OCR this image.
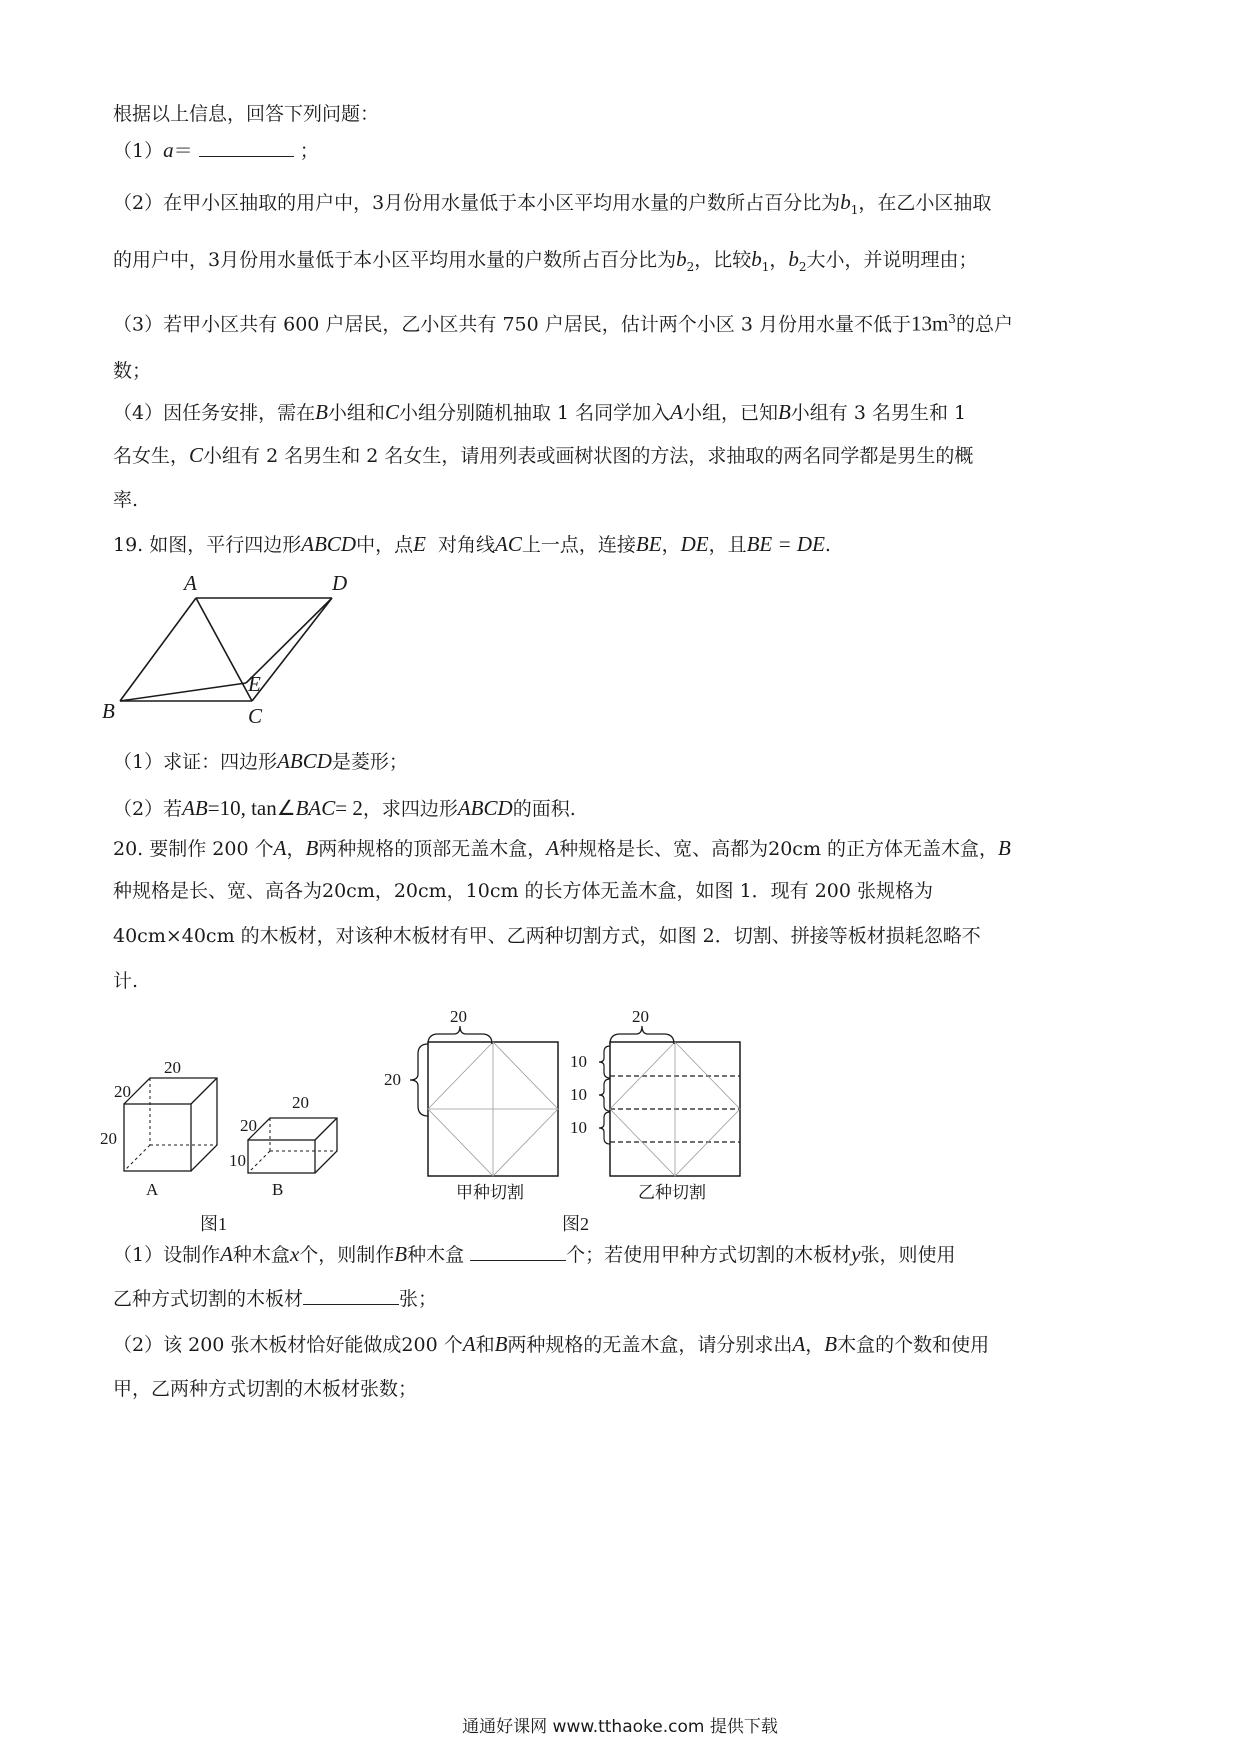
根据以上信息，回答下列问题：
（1）a＝	；
（2）在甲小区抽取的用户中，3月份用水量低于本小区平均用水量的户数所占百分比为$b_1$，在乙小区抽取
的用户中，3月份用水量低于本小区平均用水量的户数所占百分比为$b_2$，比较$b_1$，$b_2$大小，并说明理由；
（3）若甲小区共有 600 户居民，乙小区共有 750 户居民，估计两个小区 3 月份用水量不低于$13m^3$的总户
数；
（4）因任务安排，需在B小组和C小组分别随机抽取 1 名同学加入A小组，已知B小组有 3 名男生和 1
名女生，C小组有 2 名男生和 2 名女生，请用列表或画树状图的方法，求抽取的两名同学都是男生的概
率.
19. 如图，平行四边形ABCD中，点E 对角线AC上一点，连接BE，DE，且BE = DE.
A	D
B	C
E
（1）求证：四边形ABCD是菱形；
（2）若AB=10, tan∠BAC= 2，求四边形ABCD的面积.
20. 要制作 200 个A，B两种规格的顶部无盖木盒，A种规格是长、宽、高都为20cm 的正方体无盖木盒，B
种规格是长、宽、高各为20cm，20cm，10cm 的长方体无盖木盒，如图 1．现有 200 张规格为
40cm×40cm 的木板材，对该种木板材有甲、乙两种切割方式，如图 2．切割、拼接等板材损耗忽略不
计.
20
20
20
A
20
20
10
B
图1
20
20
甲种切割
20
10
10
10
乙种切割
图2
（1）设制作A种木盒x个，则制作B种木盒	个；若使用甲种方式切割的木板材y张，则使用
乙种方式切割的木板材	张；
（2）该 200 张木板材恰好能做成200 个A和B两种规格的无盖木盒，请分别求出A，B木盒的个数和使用
甲，乙两种方式切割的木板材张数；
通通好课网 www.tthaoke.com 提供下载
